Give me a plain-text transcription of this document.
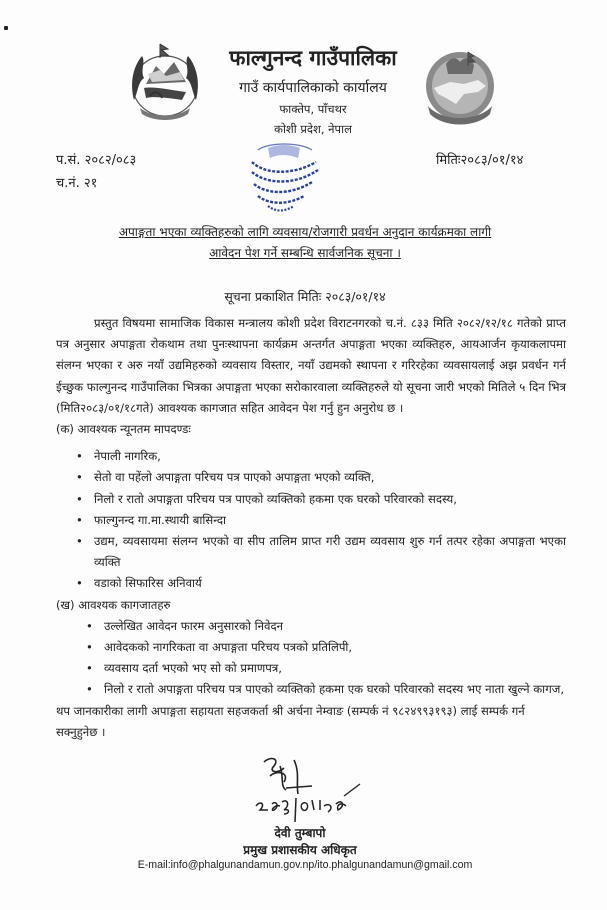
फाल्गुनन्द गाउँपालिका
गाउँ कार्यपालिकाको कार्यालय
फाक्तेप, पाँचथर
कोशी प्रदेश, नेपाल
प.सं. २०८२/०८३
च.नं. २१
मितिः२०८३/०१/१४
अपाङ्गता भएका व्यक्तिहरुको लागि व्यवसाय/रोजगारी प्रवर्धन अनुदान कार्यक्रमका लागी
आवेदन पेश गर्ने सम्बन्धि सार्वजनिक सूचना ।
सूचना प्रकाशित मितिः २०८३/०१/१४

प्रस्तुत विषयमा सामाजिक विकास मन्त्रालय कोशी प्रदेश विराटनगरको च.नं. ८३३ मिति २०८२/१२/१८ गतेको प्राप्त पत्र अनुसार अपाङ्गता रोकथाम तथा पुनःस्थापना कार्यक्रम अन्तर्गत अपाङ्गता भएका व्यक्तिहरु, आयआर्जन कृयाकलापमा संलग्न भएका र अरु नयाँ उद्यमिहरुको व्यवसाय विस्तार, नयाँ उद्यमको स्थापना र गरिरहेका व्यवसायलाई अझ प्रवर्धन गर्न ईच्छुक फाल्गुनन्द गाउँपालिका भित्रका अपाङ्गता भएका सरोकारवाला व्यक्तिहरुले यो सूचना जारी भएको मितिले ५ दिन भित्र (मिति२०८३/०१/१८गते) आवश्यक कागजात सहित आवेदन पेश गर्नु हुन अनुरोध छ ।

(क) आवश्यक न्यूनतम मापदण्डः

• नेपाली नागरिक,
• सेतो वा पहेंलो अपाङ्गता परिचय पत्र पाएको अपाङ्गता भएको व्यक्ति,
• निलो र रातो अपाङ्गता परिचय पत्र पाएको व्यक्तिको हकमा एक घरको परिवारको सदस्य,
• फाल्गुनन्द गा.मा.स्थायी बासिन्दा
• उद्यम, व्यवसायमा संलग्न भएको वा सीप तालिम प्राप्त गरी उद्यम व्यवसाय शुरु गर्न तत्पर रहेका अपाङ्गता भएका व्यक्ति
• वडाको सिफारिस अनिवार्य

(ख) आवश्यक कागजातहरु

• उल्लेखित आवेदन फारम अनुसारको निवेदन
• आवेदकको नागरिकता वा अपाङ्गता परिचय पत्रको प्रतिलिपी,
• व्यवसाय दर्ता भएको भए सो को प्रमाणपत्र,
• निलो र रातो अपाङ्गता परिचय पत्र पाएको व्यक्तिको हकमा एक घरको परिवारको सदस्य भए नाता खुल्ने कागज,

थप जानकारीका लागी अपाङ्गता सहायता सहजकर्ता श्री अर्चना नेम्वाङ (सम्पर्क नं ९८२४९९३१९३) लाई सम्पर्क गर्न सक्नुहुनेछ ।

देवी तुम्बापो
प्रमुख प्रशासकीय अधिकृत
E-mail:info@phalgunandamun.gov.np/ito.phalgunandamun@gmail.com
